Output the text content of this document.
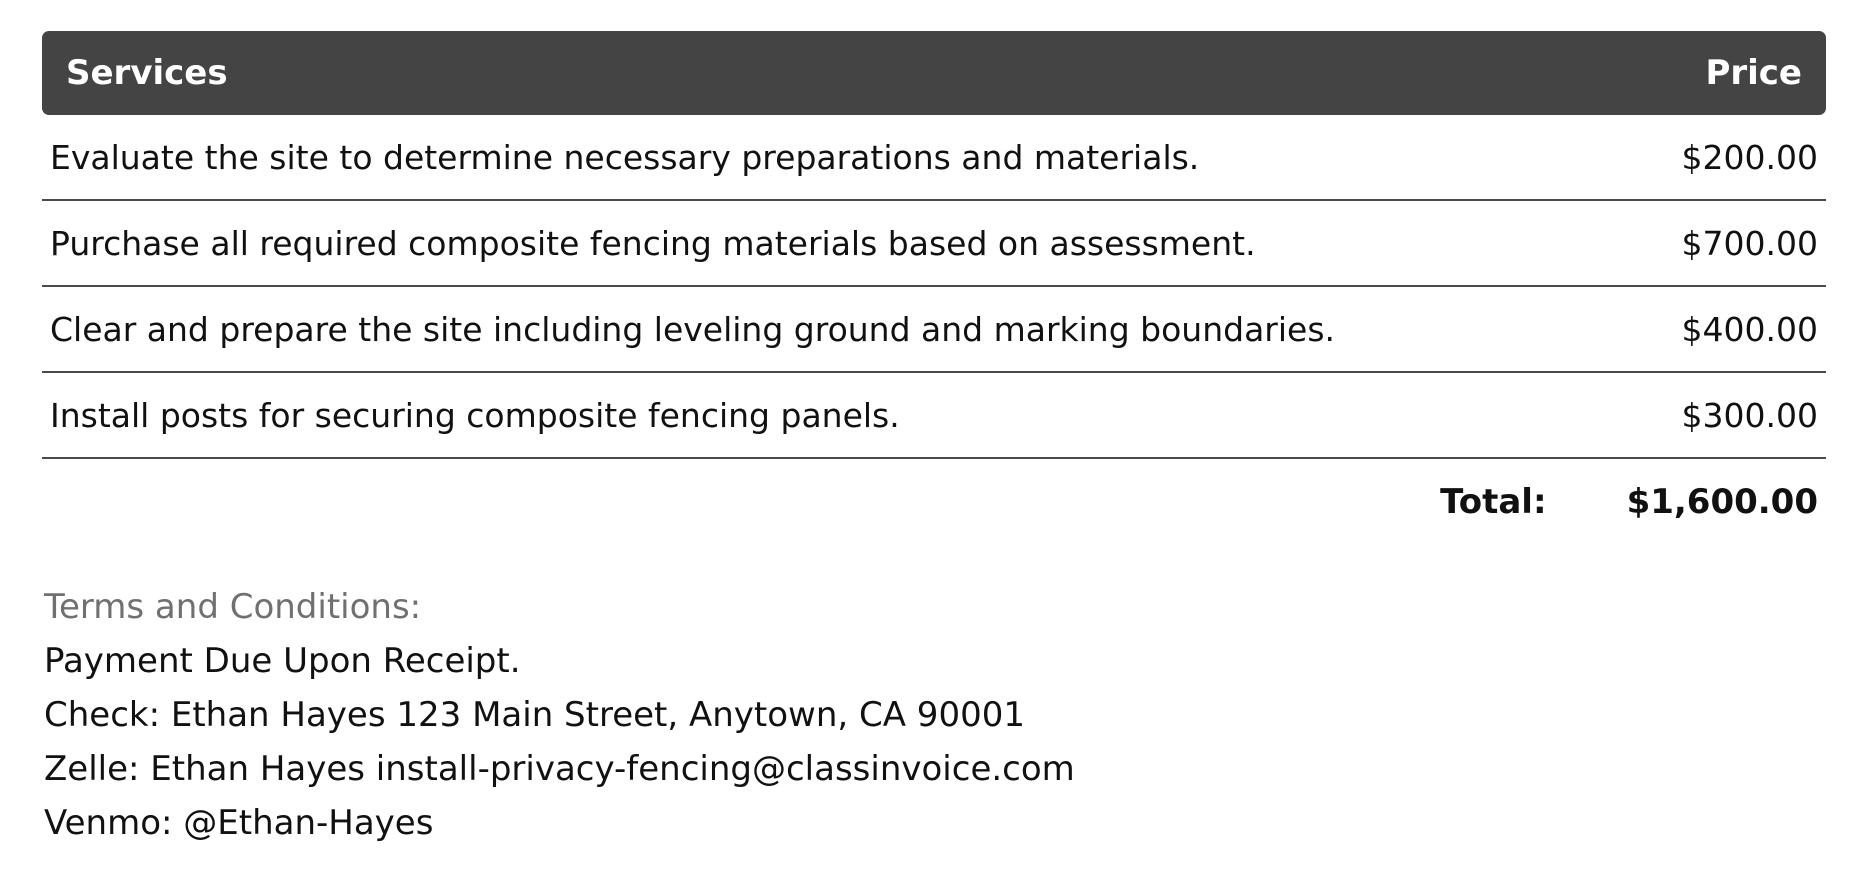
Services	Price
Evaluate the site to determine necessary preparations and materials.	$200.00
Purchase all required composite fencing materials based on assessment.	$700.00
Clear and prepare the site including leveling ground and marking boundaries.	$400.00
Install posts for securing composite fencing panels.	$300.00
Total: $1,600.00
Terms and Conditions:
Payment Due Upon Receipt.
Check: Ethan Hayes 123 Main Street, Anytown, CA 90001
Zelle: Ethan Hayes install-privacy-fencing@classinvoice.com
Venmo: @Ethan-Hayes
